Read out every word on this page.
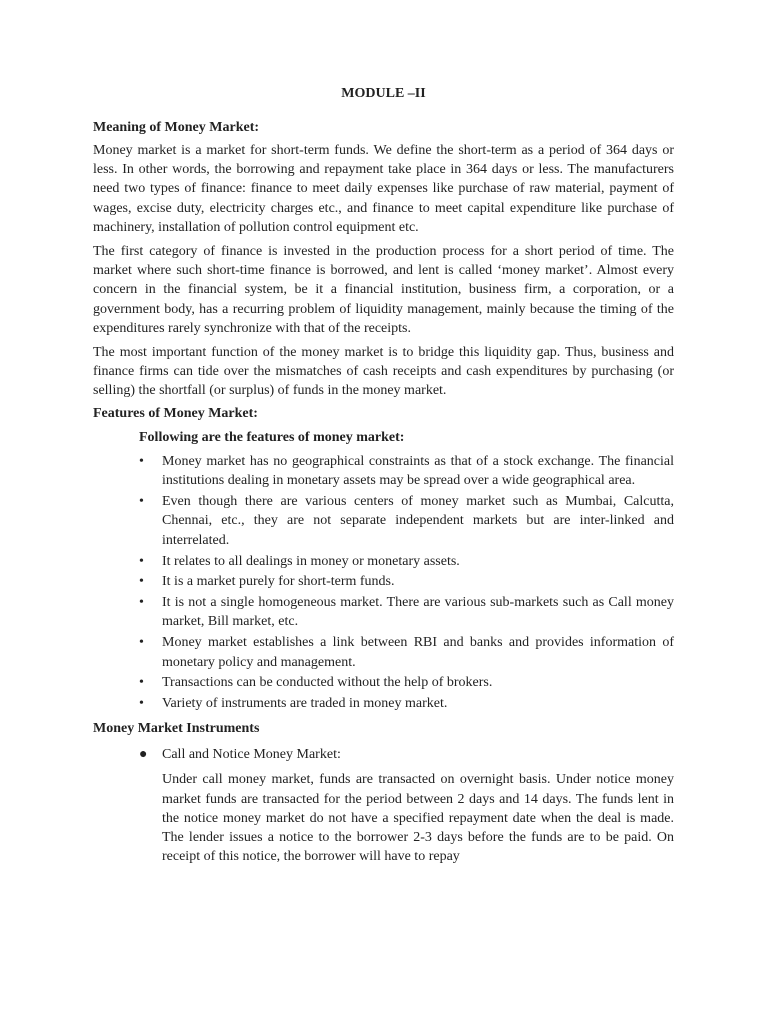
MODULE –II
Meaning of Money Market:

Money market is a market for short-term funds. We define the short-term as a period of 364 days or less. In other words, the borrowing and repayment take place in 364 days or less. The manufacturers need two types of finance: finance to meet daily expenses like purchase of raw material, payment of wages, excise duty, electricity charges etc., and finance to meet capital expenditure like purchase of machinery, installation of pollution control equipment etc.

The first category of finance is invested in the production process for a short period of time. The market where such short-time finance is borrowed, and lent is called ‘money market’. Almost every concern in the financial system, be it a financial institution, business firm, a corporation, or a government body, has a recurring problem of liquidity management, mainly because the timing of the expenditures rarely synchronize with that of the receipts.

The most important function of the money market is to bridge this liquidity gap. Thus, business and finance firms can tide over the mismatches of cash receipts and cash expenditures by purchasing (or selling) the shortfall (or surplus) of funds in the money market.

Features of Money Market:
Following are the features of money market:
• Money market has no geographical constraints as that of a stock exchange. The financial institutions dealing in monetary assets may be spread over a wide geographical area.
• Even though there are various centers of money market such as Mumbai, Calcutta, Chennai, etc., they are not separate independent markets but are inter-linked and interrelated.
• It relates to all dealings in money or monetary assets.
• It is a market purely for short-term funds.
• It is not a single homogeneous market. There are various sub-markets such as Call money market, Bill market, etc.
• Money market establishes a link between RBI and banks and provides information of monetary policy and management.
• Transactions can be conducted without the help of brokers.
• Variety of instruments are traded in money market.
Money Market Instruments
● Call and Notice Money Market:

Under call money market, funds are transacted on overnight basis. Under notice money market funds are transacted for the period between 2 days and 14 days. The funds lent in the notice money market do not have a specified repayment date when the deal is made. The lender issues a notice to the borrower 2-3 days before the funds are to be paid. On receipt of this notice, the borrower will have to repay
